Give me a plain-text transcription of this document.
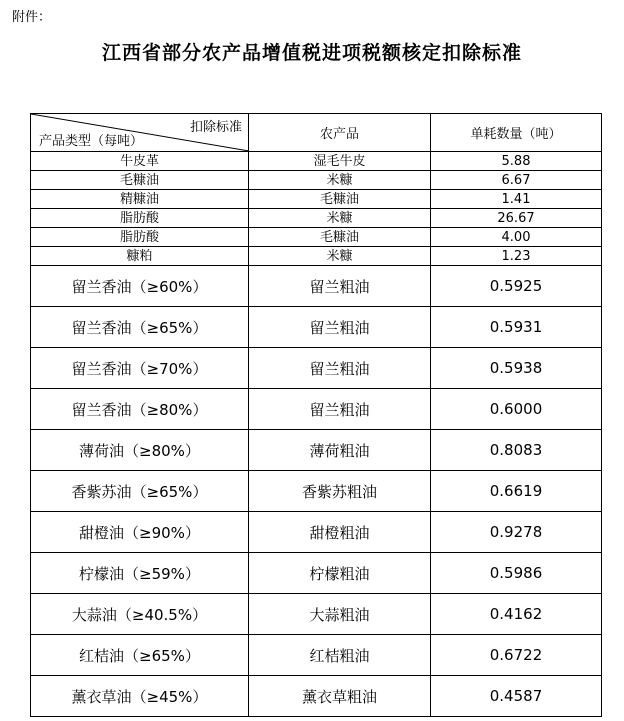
附件：
江西省部分农产品增值税进项税额核定扣除标准
扣除标准
产品类型（每吨）	农产品	单耗数量（吨）
牛皮革	湿毛牛皮	5.88
毛糠油	米糠	6.67
精糠油	毛糠油	1.41
脂肪酸	米糠	26.67
脂肪酸	毛糠油	4.00
糠粕	米糠	1.23
留兰香油（≥60%）	留兰粗油	0.5925
留兰香油（≥65%）	留兰粗油	0.5931
留兰香油（≥70%）	留兰粗油	0.5938
留兰香油（≥80%）	留兰粗油	0.6000
薄荷油（≥80%）	薄荷粗油	0.8083
香紫苏油（≥65%）	香紫苏粗油	0.6619
甜橙油（≥90%）	甜橙粗油	0.9278
柠檬油（≥59%）	柠檬粗油	0.5986
大蒜油（≥40.5%）	大蒜粗油	0.4162
红桔油（≥65%）	红桔粗油	0.6722
薰衣草油（≥45%）	薰衣草粗油	0.4587
